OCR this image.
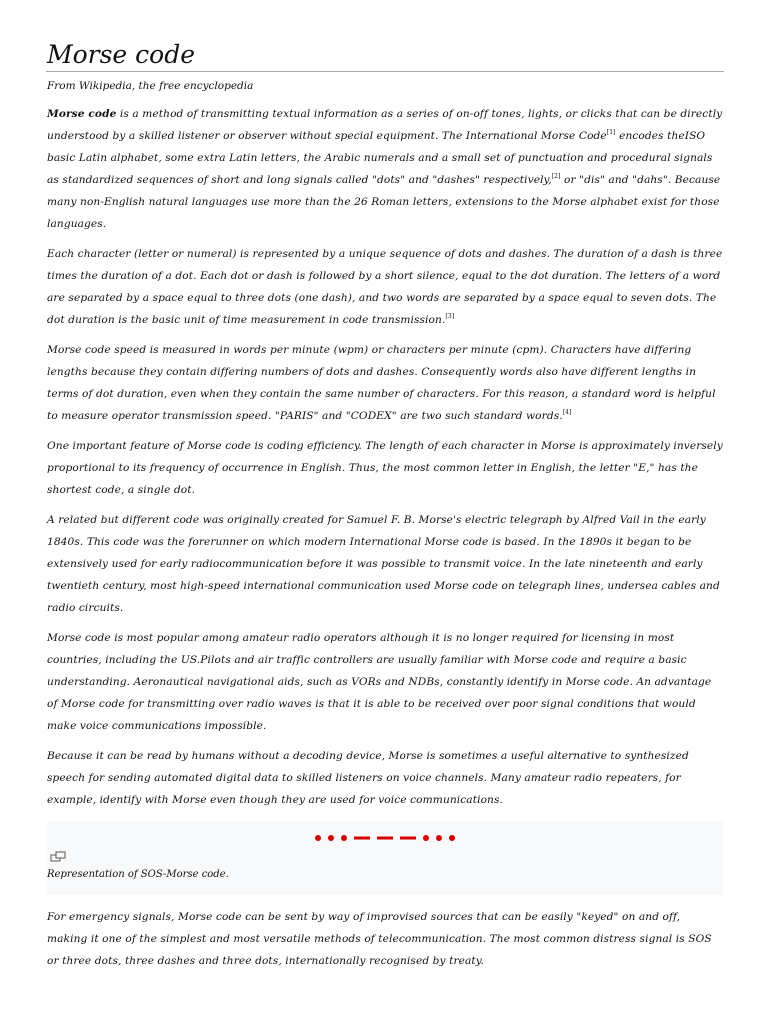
Morse code

From Wikipedia, the free encyclopedia

Morse code is a method of transmitting textual information as a series of on-off tones, lights, or clicks that can be directly understood by a skilled listener or observer without special equipment. The International Morse Code[1] encodes theISO basic Latin alphabet, some extra Latin letters, the Arabic numerals and a small set of punctuation and procedural signals as standardized sequences of short and long signals called "dots" and "dashes" respectively,[2] or "dis" and "dahs". Because many non-English natural languages use more than the 26 Roman letters, extensions to the Morse alphabet exist for those languages.

Each character (letter or numeral) is represented by a unique sequence of dots and dashes. The duration of a dash is three times the duration of a dot. Each dot or dash is followed by a short silence, equal to the dot duration. The letters of a word are separated by a space equal to three dots (one dash), and two words are separated by a space equal to seven dots. The dot duration is the basic unit of time measurement in code transmission.[3]

Morse code speed is measured in words per minute (wpm) or characters per minute (cpm). Characters have differing lengths because they contain differing numbers of dots and dashes. Consequently words also have different lengths in terms of dot duration, even when they contain the same number of characters. For this reason, a standard word is helpful to measure operator transmission speed. "PARIS" and "CODEX" are two such standard words.[4]

One important feature of Morse code is coding efficiency. The length of each character in Morse is approximately inversely proportional to its frequency of occurrence in English. Thus, the most common letter in English, the letter "E," has the shortest code, a single dot.

A related but different code was originally created for Samuel F. B. Morse's electric telegraph by Alfred Vail in the early 1840s. This code was the forerunner on which modern International Morse code is based. In the 1890s it began to be extensively used for early radiocommunication before it was possible to transmit voice. In the late nineteenth and early twentieth century, most high-speed international communication used Morse code on telegraph lines, undersea cables and radio circuits.

Morse code is most popular among amateur radio operators although it is no longer required for licensing in most countries, including the US.Pilots and air traffic controllers are usually familiar with Morse code and require a basic understanding. Aeronautical navigational aids, such as VORs and NDBs, constantly identify in Morse code. An advantage of Morse code for transmitting over radio waves is that it is able to be received over poor signal conditions that would make voice communications impossible.

Because it can be read by humans without a decoding device, Morse is sometimes a useful alternative to synthesized speech for sending automated digital data to skilled listeners on voice channels. Many amateur radio repeaters, for example, identify with Morse even though they are used for voice communications.

Representation of SOS-Morse code.

For emergency signals, Morse code can be sent by way of improvised sources that can be easily "keyed" on and off, making it one of the simplest and most versatile methods of telecommunication. The most common distress signal is SOS or three dots, three dashes and three dots, internationally recognised by treaty.
